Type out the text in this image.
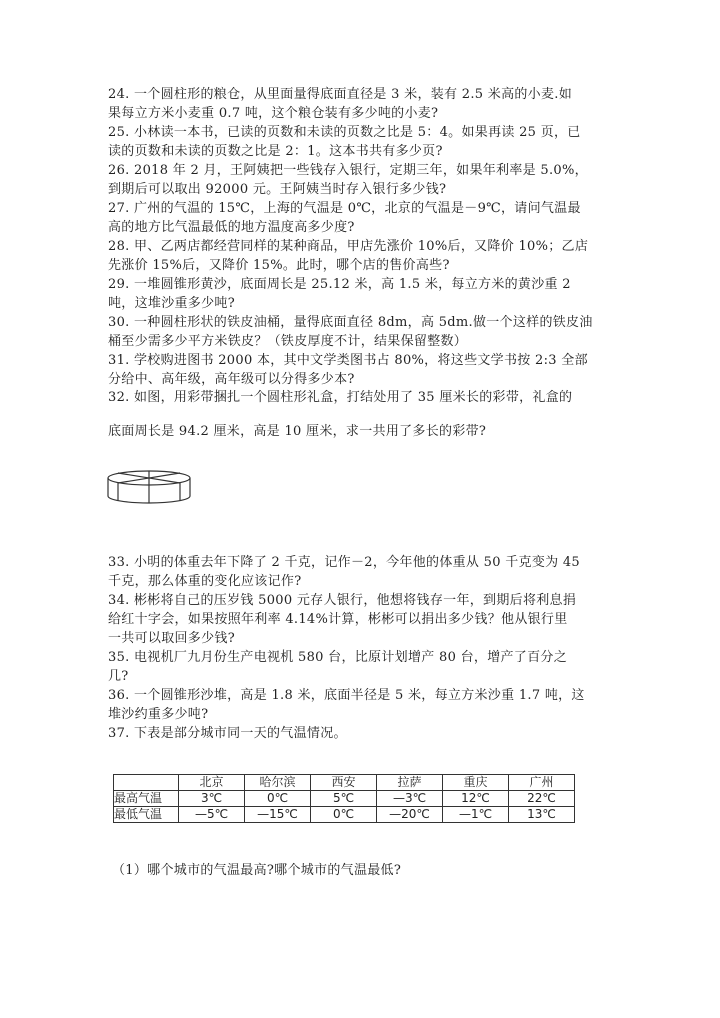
24. 一个圆柱形的粮仓，从里面量得底面直径是 3 米，装有 2.5 米高的小麦.如
果每立方米小麦重 0.7 吨，这个粮仓装有多少吨的小麦?
25. 小林读一本书，已读的页数和未读的页数之比是 5：4。如果再读 25 页，已
读的页数和未读的页数之比是 2：1。这本书共有多少页?
26. 2018 年 2 月，王阿姨把一些钱存入银行，定期三年，如果年利率是 5.0%，
到期后可以取出 92000 元。王阿姨当时存入银行多少钱?
27. 广州的气温的 15℃，上海的气温是 0℃，北京的气温是－9℃，请问气温最
高的地方比气温最低的地方温度高多少度?
28. 甲、乙两店都经营同样的某种商品，甲店先涨价 10%后，又降价 10%；乙店
先涨价 15%后，又降价 15%。此时，哪个店的售价高些?
29. 一堆圆锥形黄沙，底面周长是 25.12 米，高 1.5 米，每立方米的黄沙重 2
吨，这堆沙重多少吨?
30. 一种圆柱形状的铁皮油桶，量得底面直径 8dm，高 5dm.做一个这样的铁皮油
桶至少需多少平方米铁皮？（铁皮厚度不计，结果保留整数）
31. 学校购进图书 2000 本，其中文学类图书占 80%，将这些文学书按 2:3 全部
分给中、高年级，高年级可以分得多少本?
32. 如图，用彩带捆扎一个圆柱形礼盒，打结处用了 35 厘米长的彩带，礼盒的
底面周长是 94.2 厘米，高是 10 厘米，求一共用了多长的彩带?
33. 小明的体重去年下降了 2 千克，记作－2，今年他的体重从 50 千克变为 45
千克，那么体重的变化应该记作?
34. 彬彬将自己的压岁钱 5000 元存人银行，他想将钱存一年，到期后将利息捐
给红十字会，如果按照年利率 4.14%计算，彬彬可以捐出多少钱？他从银行里
一共可以取回多少钱?
35. 电视机厂九月份生产电视机 580 台，比原计划增产 80 台，增产了百分之
几?
36. 一个圆锥形沙堆，高是 1.8 米，底面半径是 5 米，每立方米沙重 1.7 吨，这
堆沙约重多少吨?
37. 下表是部分城市同一天的气温情况。
	北京	哈尔滨	西安	拉萨	重庆	广州
最高气温	3℃	0℃	5℃	—3℃	12℃	22℃
最低气温	—5℃	—15℃	0℃	—20℃	—1℃	13℃
（1）哪个城市的气温最高?哪个城市的气温最低?
